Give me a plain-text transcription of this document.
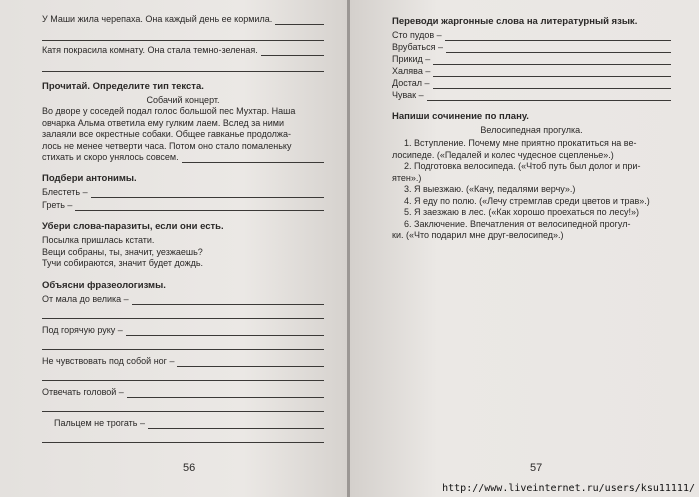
У Маши жила черепаха. Она каждый день ее кормила.
Катя покрасила комнату. Она стала темно-зеленая.
Прочитай. Определите тип текста.
Собачий концерт.
Во дворе у соседей подал голос большой пес Мухтар. Наша
овчарка Альма ответила ему гулким лаем. Вслед за ними
залаяли все окрестные собаки. Общее гавканье продолжа-
лось не менее четверти часа. Потом оно стало помаленьку
стихать и скоро унялось совсем.
Подбери антонимы.
Блестеть –
Греть –
Убери слова-паразиты, если они есть.
Посылка пришлась кстати.
Вещи собраны, ты, значит, уезжаешь?
Тучи собираются, значит будет дождь.
Объясни фразеологизмы.
От мала до велика –
Под горячую руку –
Не чувствовать под собой ног –
Отвечать головой –
Пальцем не трогать –
Переводи жаргонные слова на литературный язык.
Сто пудов –
Врубаться –
Прикид –
Халява –
Достал –
Чувак –
Напиши сочинение по плану.
Велосипедная прогулка.
1. Вступление. Почему мне приятно прокатиться на ве-
лосипеде. («Педалей и колес чудесное сцепленье».)
2. Подготовка велосипеда. («Чтоб путь был долог и при-
ятен».)
3. Я выезжаю. («Качу, педалями верчу».)
4. Я еду по полю. («Лечу стремглав среди цветов и трав».)
5. Я заезжаю в лес. («Как хорошо проехаться по лесу!»)
6. Заключение. Впечатления от велосипедной прогул-
ки. («Что подарил мне друг-велосипед».)
56	57
http://www.liveinternet.ru/users/ksu11111/
